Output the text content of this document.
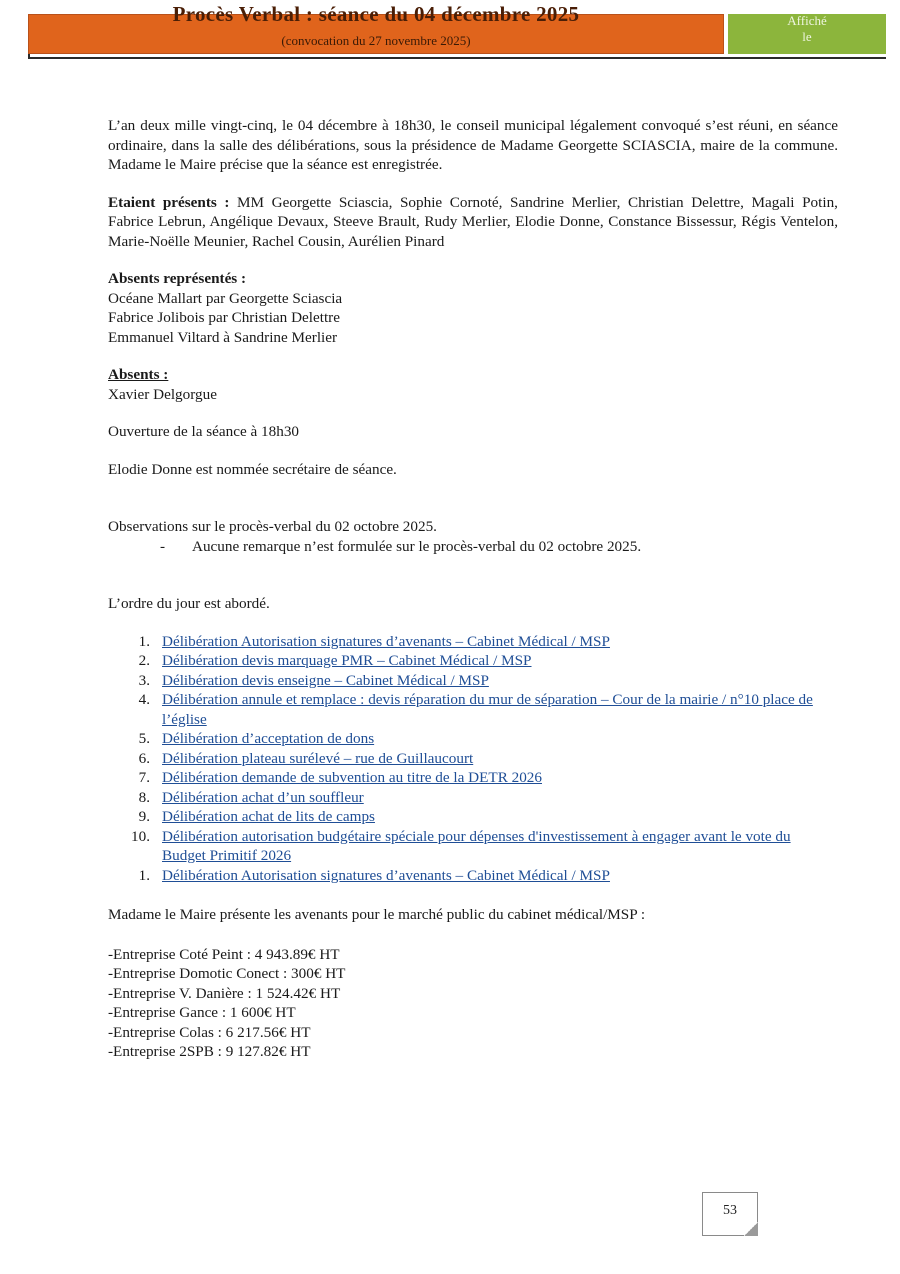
Procès Verbal : séance du 04 décembre 2025
(convocation du 27 novembre 2025)
Affiché
le

L’an deux mille vingt-cinq, le 04 décembre à 18h30, le conseil municipal légalement convoqué s’est réuni, en séance ordinaire, dans la salle des délibérations, sous la présidence de Madame Georgette SCIASCIA, maire de la commune. Madame le Maire précise que la séance est enregistrée.

Etaient présents : MM Georgette Sciascia, Sophie Cornoté, Sandrine Merlier, Christian Delettre, Magali Potin, Fabrice Lebrun, Angélique Devaux, Steeve Brault, Rudy Merlier, Elodie Donne, Constance Bissessur, Régis Ventelon, Marie-Noëlle Meunier, Rachel Cousin, Aurélien Pinard

Absents représentés :

Océane Mallart par Georgette Sciascia

Fabrice Jolibois par Christian Delettre

Emmanuel Viltard à Sandrine Merlier

Absents :

Xavier Delgorgue

Ouverture de la séance à 18h30

Elodie Donne est nommée secrétaire de séance.

Observations sur le procès-verbal du 02 octobre 2025.

-	Aucune remarque n’est formulée sur le procès-verbal du 02 octobre 2025.

L’ordre du jour est abordé.

1. Délibération Autorisation signatures d’avenants – Cabinet Médical / MSP
2. Délibération devis marquage PMR – Cabinet Médical / MSP
3. Délibération devis enseigne – Cabinet Médical / MSP
4. Délibération annule et remplace : devis réparation du mur de séparation – Cour de la mairie / n°10 place de l’église
5. Délibération d’acceptation de dons
6. Délibération plateau surélevé – rue de Guillaucourt
7. Délibération demande de subvention au titre de la DETR 2026
8. Délibération achat d’un souffleur
9. Délibération achat de lits de camps
10. Délibération autorisation budgétaire spéciale pour dépenses d'investissement à engager avant le vote du Budget Primitif 2026

1. Délibération Autorisation signatures d’avenants – Cabinet Médical / MSP

Madame le Maire présente les avenants pour le marché public du cabinet médical/MSP :

-Entreprise Coté Peint : 4 943.89€ HT

-Entreprise Domotic Conect : 300€ HT

-Entreprise V. Danière : 1 524.42€ HT

-Entreprise Gance : 1 600€ HT

-Entreprise Colas : 6 217.56€ HT

-Entreprise 2SPB : 9 127.82€ HT

53
